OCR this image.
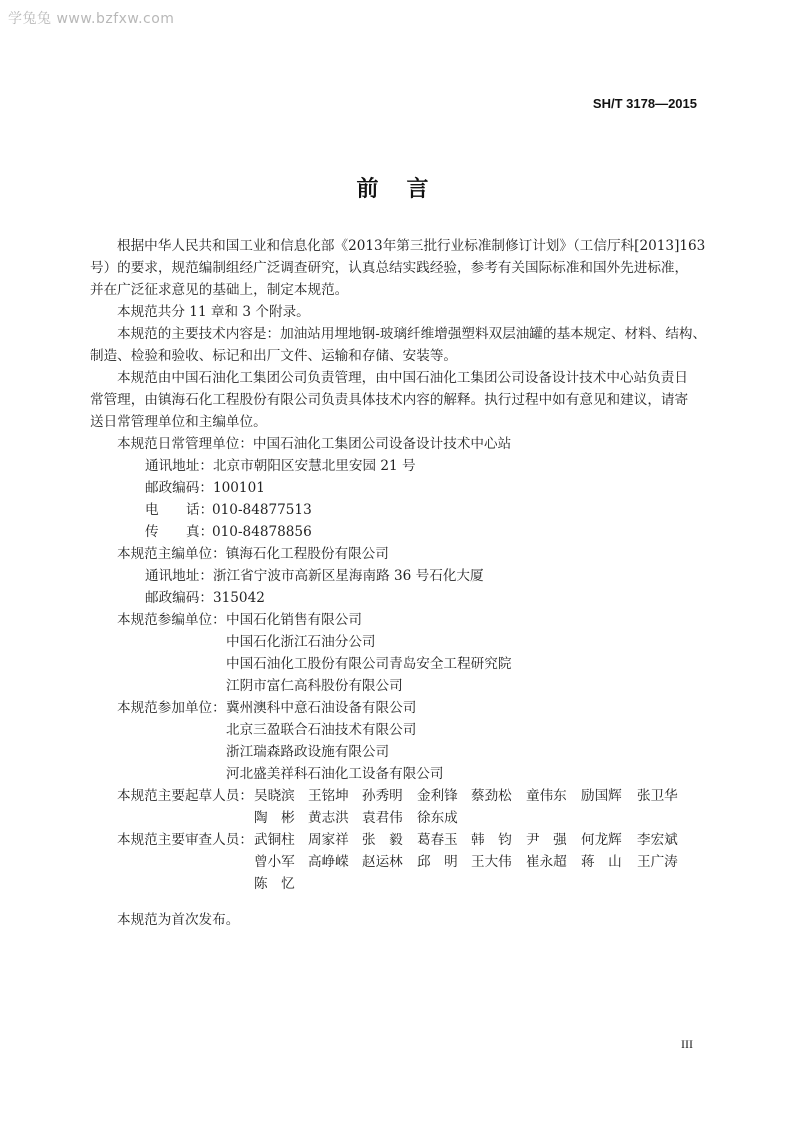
学兔兔 www.bzfxw.com
SH/T 3178—2015
前言
根据中华人民共和国工业和信息化部《2013年第三批行业标准制修订计划》（工信厅科[2013]163
号）的要求，规范编制组经广泛调查研究，认真总结实践经验，参考有关国际标准和国外先进标准，
并在广泛征求意见的基础上，制定本规范。
本规范共分 11 章和 3 个附录。
本规范的主要技术内容是：加油站用埋地钢-玻璃纤维增强塑料双层油罐的基本规定、材料、结构、
制造、检验和验收、标记和出厂文件、运输和存储、安装等。
本规范由中国石油化工集团公司负责管理，由中国石油化工集团公司设备设计技术中心站负责日
常管理，由镇海石化工程股份有限公司负责具体技术内容的解释。执行过程中如有意见和建议，请寄
送日常管理单位和主编单位。
本规范日常管理单位：中国石油化工集团公司设备设计技术中心站
通讯地址：北京市朝阳区安慧北里安园 21 号
邮政编码：100101
电 话：
010-84877513
传 真：
010-84878856
本规范主编单位：镇海石化工程股份有限公司
通讯地址：浙江省宁波市高新区星海南路 36 号石化大厦
邮政编码：315042
本规范参编单位： 中国石化销售有限公司
中国石化浙江石油分公司
中国石油化工股份有限公司青岛安全工程研究院
江阴市富仁高科股份有限公司
本规范参加单位： 冀州澳科中意石油设备有限公司
北京三盈联合石油技术有限公司
浙江瑞森路政设施有限公司
河北盛美祥科石油化工设备有限公司
本规范主要起草人员： 吴晓滨 王铭坤 孙秀明 金利锋 蔡劲松 童伟东 励国辉 张卫华
陶　彬 黄志洪 袁君伟 徐东成
本规范主要审查人员： 武铜柱 周家祥 张　毅 葛春玉 韩　钧 尹　强 何龙辉 李宏斌
曾小军 高峥嵘 赵运林 邱　明 王大伟 崔永超 蒋　山 王广涛
陈　忆
本规范为首次发布。
III
